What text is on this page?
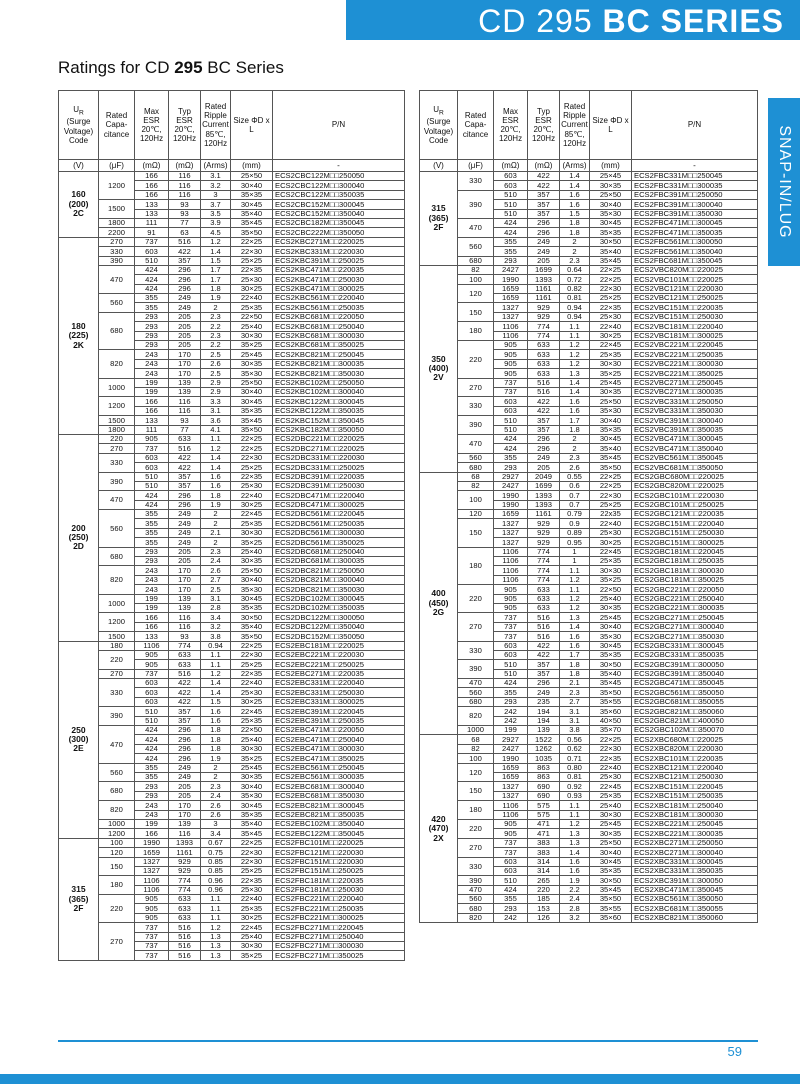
CD 295 BC SERIES
Ratings for CD 295 BC Series
SNAP-IN/LUG
$U_R$
(Surge
Voltage)
Code	Rated Capa- citance	Max ESR 20℃, 120Hz	Typ ESR 20℃, 120Hz	Rated Ripple Current 85℃, 120Hz	Size ΦD x L	P/N
(V)	(μF)	(mΩ)	(mΩ)	(Arms)	(mm)	-
160
(200)
2C	1200	166	116	3.1	25×50	ECS2CBC122M□□250050
		166	116	3.2	30×40	ECS2CBC122M□□300040
		166	116	3	35×35	ECS2CBC122M□□350035
	1500	133	93	3.7	30×45	ECS2CBC152M□□300045
		133	93	3.5	35×40	ECS2CBC152M□□350040
	1800	111	77	3.9	35×45	ECS2CBC182M□□350045
	2200	91	63	4.5	35×50	ECS2CBC222M□□350050
180
(225)
2K	270	737	516	1.2	22×25	ECS2KBC271M□□220025
	330	603	422	1.4	22×30	ECS2KBC331M□□220030
	390	510	357	1.5	25×25	ECS2KBC391M□□250025
	470	424	296	1.7	22×35	ECS2KBC471M□□220035
		424	296	1.7	25×30	ECS2KBC471M□□250030
		424	296	1.8	30×25	ECS2KBC471M□□300025
	560	355	249	1.9	22×40	ECS2KBC561M□□220040
		355	249	2	25×35	ECS2KBC561M□□250035
	680	293	205	2.3	22×50	ECS2KBC681M□□220050
		293	205	2.2	25×40	ECS2KBC681M□□250040
		293	205	2.3	30×30	ECS2KBC681M□□300030
		293	205	2.2	35×25	ECS2KBC681M□□350025
	820	243	170	2.5	25×45	ECS2KBC821M□□250045
		243	170	2.6	30×35	ECS2KBC821M□□300035
		243	170	2.5	35×30	ECS2KBC821M□□350030
	1000	199	139	2.9	25×50	ECS2KBC102M□□250050
		199	139	2.9	30×40	ECS2KBC102M□□300040
	1200	166	116	3.3	30×45	ECS2KBC122M□□300045
		166	116	3.1	35×35	ECS2KBC122M□□350035
	1500	133	93	3.6	35×45	ECS2KBC152M□□350045
	1800	111	77	4.1	35×50	ECS2KBC182M□□350050
200
(250)
2D	220	905	633	1.1	22×25	ECS2DBC221M□□220025
	270	737	516	1.2	22×25	ECS2DBC271M□□220025
	330	603	422	1.4	22×30	ECS2DBC331M□□220030
		603	422	1.4	25×25	ECS2DBC331M□□250025
	390	510	357	1.6	22×35	ECS2DBC391M□□220035
		510	357	1.6	25×30	ECS2DBC391M□□250030
	470	424	296	1.8	22×40	ECS2DBC471M□□220040
		424	296	1.9	30×25	ECS2DBC471M□□300025
	560	355	249	2	22×45	ECS2DBC561M□□220045
		355	249	2	25×35	ECS2DBC561M□□250035
		355	249	2.1	30×30	ECS2DBC561M□□300030
		355	249	2	35×25	ECS2DBC561M□□350025
	680	293	205	2.3	25×40	ECS2DBC681M□□250040
		293	205	2.4	30×35	ECS2DBC681M□□300035
	820	243	170	2.6	25×50	ECS2DBC821M□□250050
		243	170	2.7	30×40	ECS2DBC821M□□300040
		243	170	2.5	35×30	ECS2DBC821M□□350030
	1000	199	139	3.1	30×45	ECS2DBC102M□□300045
		199	139	2.8	35×35	ECS2DBC102M□□350035
	1200	166	116	3.4	30×50	ECS2DBC122M□□300050
		166	116	3.2	35×40	ECS2DBC122M□□350040
	1500	133	93	3.8	35×50	ECS2DBC152M□□350050
250
(300)
2E	180	1106	774	0.94	22×25	ECS2EBC181M□□220025
	220	905	633	1.1	22×30	ECS2EBC221M□□220030
		905	633	1.1	25×25	ECS2EBC221M□□250025
	270	737	516	1.2	22×35	ECS2EBC271M□□220035
	330	603	422	1.4	22×40	ECS2EBC331M□□220040
		603	422	1.4	25×30	ECS2EBC331M□□250030
		603	422	1.5	30×25	ECS2EBC331M□□300025
	390	510	357	1.6	22×45	ECS2EBC391M□□220045
		510	357	1.6	25×35	ECS2EBC391M□□250035
	470	424	296	1.8	22×50	ECS2EBC471M□□220050
		424	296	1.8	25×40	ECS2EBC471M□□250040
		424	296	1.8	30×30	ECS2EBC471M□□300030
		424	296	1.9	35×25	ECS2EBC471M□□350025
	560	355	249	2	25×45	ECS2EBC561M□□250045
		355	249	2	30×35	ECS2EBC561M□□300035
	680	293	205	2.3	30×40	ECS2EBC681M□□300040
		293	205	2.4	35×30	ECS2EBC681M□□350030
	820	243	170	2.6	30×45	ECS2EBC821M□□300045
		243	170	2.6	35×35	ECS2EBC821M□□350035
	1000	199	139	3	35×40	ECS2EBC102M□□350040
	1200	166	116	3.4	35×45	ECS2EBC122M□□350045
315
(365)
2F	100	1990	1393	0.67	22×25	ECS2FBC101M□□220025
	120	1659	1161	0.75	22×30	ECS2FBC121M□□220030
	150	1327	929	0.85	22×30	ECS2FBC151M□□220030
		1327	929	0.85	25×25	ECS2FBC151M□□250025
	180	1106	774	0.96	22×35	ECS2FBC181M□□220035
		1106	774	0.96	25×30	ECS2FBC181M□□250030
	220	905	633	1.1	22×40	ECS2FBC221M□□220040
		905	633	1.1	25×35	ECS2FBC221M□□250035
		905	633	1.1	30×25	ECS2FBC221M□□300025
	270	737	516	1.2	22×45	ECS2FBC271M□□220045
		737	516	1.3	25×40	ECS2FBC271M□□250040
		737	516	1.3	30×30	ECS2FBC271M□□300030
		737	516	1.3	35×25	ECS2FBC271M□□350025
$U_R$
(Surge
Voltage)
Code	Rated Capa- citance	Max ESR 20℃, 120Hz	Typ ESR 20℃, 120Hz	Rated Ripple Current 85℃, 120Hz	Size ΦD x L	P/N
(V)	(μF)	(mΩ)	(mΩ)	(Arms)	(mm)	-
315
(365)
2F	330	603	422	1.4	25×45	ECS2FBC331M□□250045
		603	422	1.4	30×35	ECS2FBC331M□□300035
	390	510	357	1.6	25×50	ECS2FBC391M□□250050
		510	357	1.6	30×40	ECS2FBC391M□□300040
		510	357	1.5	35×30	ECS2FBC391M□□350030
	470	424	296	1.8	30×45	ECS2FBC471M□□300045
		424	296	1.8	35×35	ECS2FBC471M□□350035
	560	355	249	2	30×50	ECS2FBC561M□□300050
		355	249	2	35×40	ECS2FBC561M□□350040
	680	293	205	2.3	35×45	ECS2FBC681M□□350045
350
(400)
2V	82	2427	1699	0.64	22×25	ECS2VBC820M□□220025
	100	1990	1393	0.72	22×25	ECS2VBC101M□□220025
	120	1659	1161	0.82	22×30	ECS2VBC121M□□220030
		1659	1161	0.81	25×25	ECS2VBC121M□□250025
	150	1327	929	0.94	22×35	ECS2VBC151M□□220035
		1327	929	0.94	25×30	ECS2VBC151M□□250030
	180	1106	774	1.1	22×40	ECS2VBC181M□□220040
		1106	774	1.1	30×25	ECS2VBC181M□□300025
	220	905	633	1.2	22×45	ECS2VBC221M□□220045
		905	633	1.2	25×35	ECS2VBC221M□□250035
		905	633	1.2	30×30	ECS2VBC221M□□300030
		905	633	1.3	35×25	ECS2VBC221M□□350025
	270	737	516	1.4	25×45	ECS2VBC271M□□250045
		737	516	1.4	30×35	ECS2VBC271M□□300035
	330	603	422	1.6	25×50	ECS2VBC331M□□250050
		603	422	1.6	35×30	ECS2VBC331M□□350030
	390	510	357	1.7	30×40	ECS2VBC391M□□300040
		510	357	1.8	35×35	ECS2VBC391M□□350035
	470	424	296	2	30×45	ECS2VBC471M□□300045
		424	296	2	35×40	ECS2VBC471M□□350040
	560	355	249	2.3	35×45	ECS2VBC561M□□350045
	680	293	205	2.6	35×50	ECS2VBC681M□□350050
400
(450)
2G	68	2927	2049	0.55	22×25	ECS2GBC680M□□220025
	82	2427	1699	0.6	22×25	ECS2GBC820M□□220025
	100	1990	1393	0.7	22×30	ECS2GBC101M□□220030
		1990	1393	0.7	25×25	ECS2GBC101M□□250025
	120	1659	1161	0.79	22x35	ECS2GBC121M□□220035
	150	1327	929	0.9	22×40	ECS2GBC151M□□220040
		1327	929	0.89	25×30	ECS2GBC151M□□250030
		1327	929	0.95	30×25	ECS2GBC151M□□300025
	180	1106	774	1	22×45	ECS2GBC181M□□220045
		1106	774	1	25×35	ECS2GBC181M□□250035
		1106	774	1.1	30×30	ECS2GBC181M□□300030
		1106	774	1.2	35×25	ECS2GBC181M□□350025
	220	905	633	1.1	22×50	ECS2GBC221M□□220050
		905	633	1.2	25×40	ECS2GBC221M□□250040
		905	633	1.2	30×35	ECS2GBC221M□□300035
	270	737	516	1.3	25×45	ECS2GBC271M□□250045
		737	516	1.4	30×40	ECS2GBC271M□□300040
		737	516	1.6	35×30	ECS2GBC271M□□350030
	330	603	422	1.6	30×45	ECS2GBC331M□□300045
		603	422	1.7	35×35	ECS2GBC331M□□350035
	390	510	357	1.8	30×50	ECS2GBC391M□□300050
		510	357	1.8	35×40	ECS2GBC391M□□350040
	470	424	296	2.1	35×45	ECS2GBC471M□□350045
	560	355	249	2.3	35×50	ECS2GBC561M□□350050
	680	293	235	2.7	35×55	ECS2GBC681M□□350055
	820	242	194	3.1	35×60	ECS2GBC821M□□350060
		242	194	3.1	40×50	ECS2GBC821M□□400050
	1000	199	139	3.8	35×70	ECS2GBC102M□□350070
420
(470)
2X	68	2927	1522	0.56	22×25	ECS2XBC680M□□220025
	82	2427	1262	0.62	22×30	ECS2XBC820M□□220030
	100	1990	1035	0.71	22×35	ECS2XBC101M□□220035
	120	1659	863	0.80	22×40	ECS2XBC121M□□220040
		1659	863	0.81	25×30	ECS2XBC121M□□250030
	150	1327	690	0.92	22×45	ECS2XBC151M□□220045
		1327	690	0.93	25×35	ECS2XBC151M□□250035
	180	1106	575	1.1	25×40	ECS2XBC181M□□250040
		1106	575	1.1	30×30	ECS2XBC181M□□300030
	220	905	471	1.2	25×45	ECS2XBC221M□□250045
		905	471	1.3	30×35	ECS2XBC221M□□300035
	270	737	383	1.3	25×50	ECS2XBC271M□□250050
		737	383	1.4	30×40	ECS2XBC271M□□300040
	330	603	314	1.6	30×45	ECS2XBC331M□□300045
		603	314	1.6	35×35	ECS2XBC331M□□350035
	390	510	265	1.9	30×50	ECS2XBC391M□□300050
	470	424	220	2.2	35×45	ECS2XBC471M□□350045
	560	355	185	2.4	35×50	ECS2XBC561M□□350050
	680	293	153	2.8	35×55	ECS2XBC681M□□350055
	820	242	126	3.2	35×60	ECS2XBC821M□□350060
59
